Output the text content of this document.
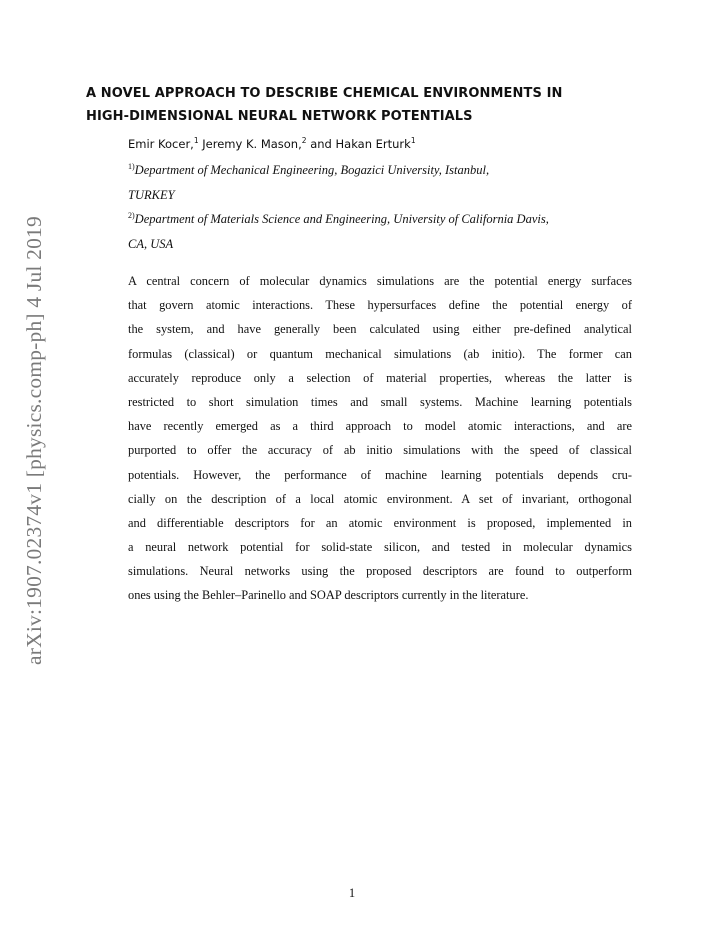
arXiv:1907.02374v1 [physics.comp-ph] 4 Jul 2019
A NOVEL APPROACH TO DESCRIBE CHEMICAL ENVIRONMENTS IN
HIGH-DIMENSIONAL NEURAL NETWORK POTENTIALS
Emir Kocer,$^1$ Jeremy K. Mason,$^2$ and Hakan Erturk$^1$
$^{1)}$Department of Mechanical Engineering, Bogazici University, Istanbul,
TURKEY
$^{2)}$Department of Materials Science and Engineering, University of California Davis,
CA, USA
A central concern of molecular dynamics simulations are the potential energy surfaces
that govern atomic interactions. These hypersurfaces define the potential energy of
the system, and have generally been calculated using either pre-defined analytical
formulas (classical) or quantum mechanical simulations (ab initio). The former can
accurately reproduce only a selection of material properties, whereas the latter is
restricted to short simulation times and small systems. Machine learning potentials
have recently emerged as a third approach to model atomic interactions, and are
purported to offer the accuracy of ab initio simulations with the speed of classical
potentials. However, the performance of machine learning potentials depends cru-
cially on the description of a local atomic environment. A set of invariant, orthogonal
and differentiable descriptors for an atomic environment is proposed, implemented in
a neural network potential for solid-state silicon, and tested in molecular dynamics
simulations. Neural networks using the proposed descriptors are found to outperform
ones using the Behler–Parinello and SOAP descriptors currently in the literature.
1
